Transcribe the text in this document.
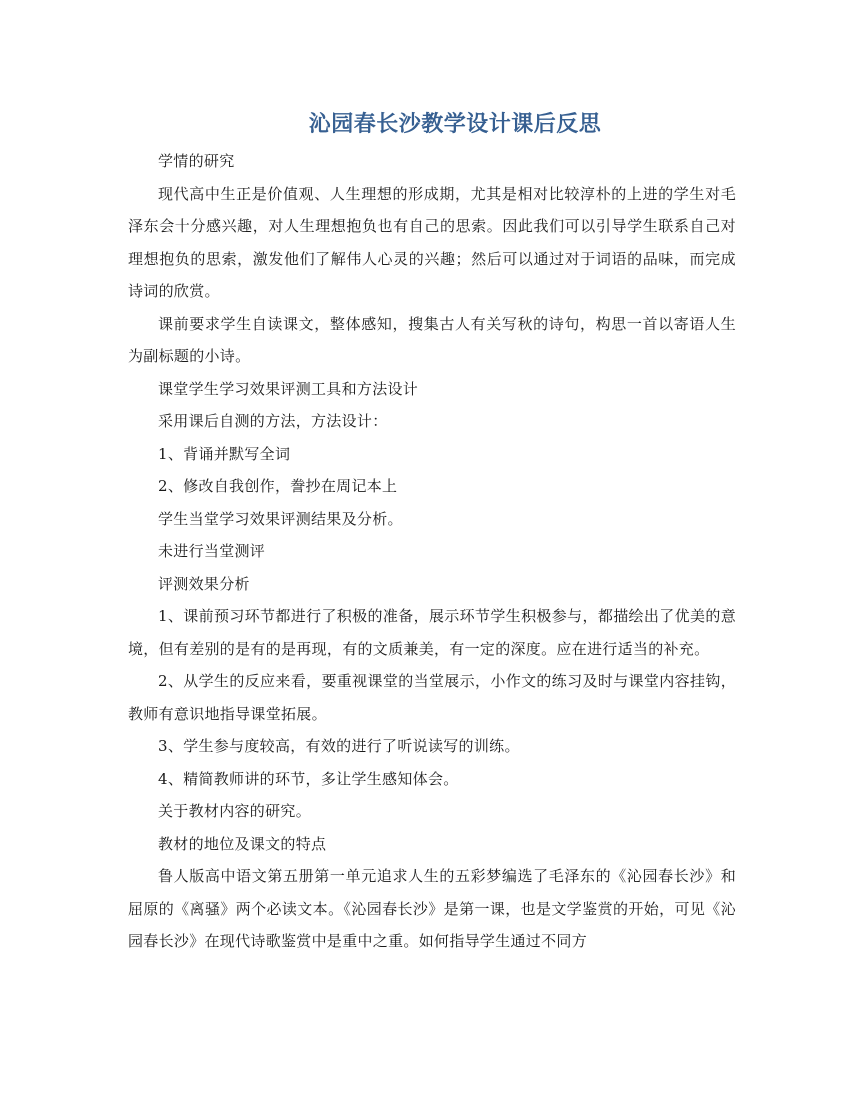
沁园春长沙教学设计课后反思

学情的研究

现代高中生正是价值观、人生理想的形成期，尤其是相对比较淳朴的上进的学生对毛泽东会十分感兴趣，对人生理想抱负也有自己的思索。因此我们可以引导学生联系自己对理想抱负的思索，激发他们了解伟人心灵的兴趣；然后可以通过对于词语的品味，而完成诗词的欣赏。

课前要求学生自读课文，整体感知，搜集古人有关写秋的诗句，构思一首以寄语人生为副标题的小诗。

课堂学生学习效果评测工具和方法设计

采用课后自测的方法，方法设计：

1、背诵并默写全词

2、修改自我创作，誊抄在周记本上

学生当堂学习效果评测结果及分析。

未进行当堂测评

评测效果分析

1、课前预习环节都进行了积极的准备，展示环节学生积极参与，都描绘出了优美的意境，但有差别的是有的是再现，有的文质兼美，有一定的深度。应在进行适当的补充。

2、从学生的反应来看，要重视课堂的当堂展示，小作文的练习及时与课堂内容挂钩，教师有意识地指导课堂拓展。

3、学生参与度较高，有效的进行了听说读写的训练。

4、精简教师讲的环节，多让学生感知体会。

关于教材内容的研究。

教材的地位及课文的特点

鲁人版高中语文第五册第一单元追求人生的五彩梦编选了毛泽东的《沁园春长沙》和屈原的《离骚》两个必读文本。《沁园春长沙》是第一课，也是文学鉴赏的开始，可见《沁园春长沙》在现代诗歌鉴赏中是重中之重。如何指导学生通过不同方
